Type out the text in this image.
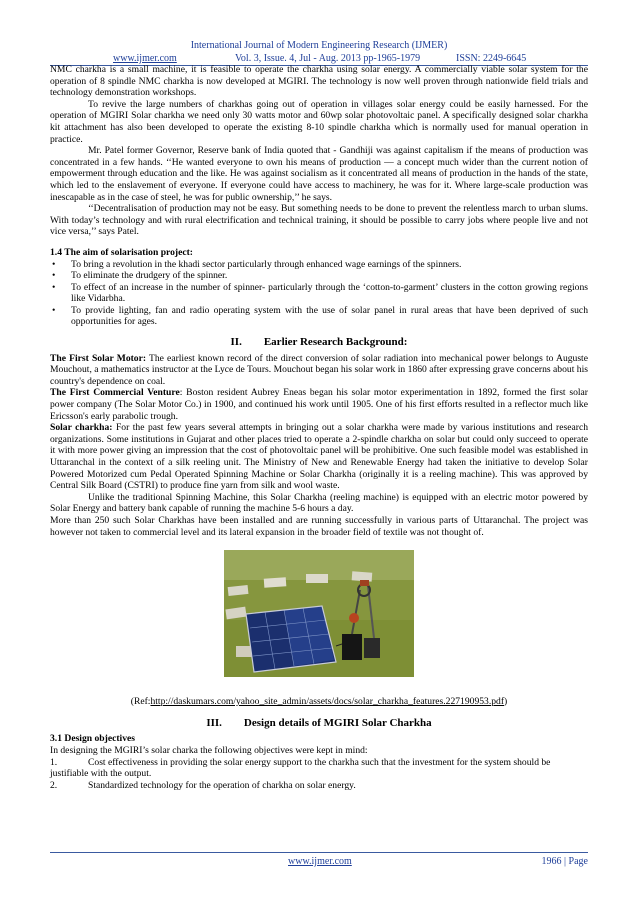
International Journal of Modern Engineering Research (IJMER)
www.ijmer.com	Vol. 3, Issue. 4, Jul - Aug. 2013 pp-1965-1979	ISSN: 2249-6645

NMC charkha is a small machine, it is feasible to operate the charkha using solar energy. A commercially viable solar system for the operation of 8 spindle NMC charkha is now developed at MGIRI. The technology is now well proven through nationwide field trials and technology demonstration workshops.

To revive the large numbers of charkhas going out of operation in villages solar energy could be easily harnessed. For the operation of MGIRI Solar charkha we need only 30 watts motor and 60wp solar photovoltaic panel. A specifically designed solar charkha kit attachment has also been developed to operate the existing 8-10 spindle charkha which is normally used for manual operation in practice.

Mr. Patel former Governor, Reserve bank of India quoted that - Gandhiji was against capitalism if the means of production was concentrated in a few hands. ‘‘He wanted everyone to own his means of production — a concept much wider than the current notion of empowerment through education and the like. He was against socialism as it concentrated all means of production in the hands of the state, which led to the enslavement of everyone. If everyone could have access to machinery, he was for it. Where large-scale production was inescapable as in the case of steel, he was for public ownership,’’ he says.

‘‘Decentralisation of production may not be easy. But something needs to be done to prevent the relentless march to urban slums. With today’s technology and with rural electrification and technical training, it should be possible to carry jobs where people live and not vice versa,’’ says Patel.

1.4 The aim of solarisation project:

• To bring a revolution in the khadi sector particularly through enhanced wage earnings of the spinners.
• To eliminate the drudgery of the spinner.
• To effect of an increase in the number of spinner- particularly through the ‘cotton-to-garment’ clusters in the cotton growing regions like Vidarbha.
• To provide lighting, fan and radio operating system with the use of solar panel in rural areas that have been deprived of such opportunities for ages.
II. Earlier Research Background:

The First Solar Motor: The earliest known record of the direct conversion of solar radiation into mechanical power belongs to Auguste Mouchout, a mathematics instructor at the Lyce de Tours. Mouchout began his solar work in 1860 after expressing grave concerns about his country's dependence on coal.

The First Commercial Venture: Boston resident Aubrey Eneas began his solar motor experimentation in 1892, formed the first solar power company (The Solar Motor Co.) in 1900, and continued his work until 1905. One of his first efforts resulted in a reflector much like Ericsson's early parabolic trough.

Solar charkha: For the past few years several attempts in bringing out a solar charkha were made by various institutions and research organizations. Some institutions in Gujarat and other places tried to operate a 2-spindle charkha on solar but could only succeed to operate it with more power giving an impression that the cost of photovoltaic panel will be prohibitive. One such feasible model was established in Uttaranchal in the context of a silk reeling unit. The Ministry of New and Renewable Energy had taken the initiative to develop Solar Powered Motorized cum Pedal Operated Spinning Machine or Solar Charkha (originally it is a reeling machine). This was approved by Central Silk Board (CSTRI) to produce fine yarn from silk and wool waste.

Unlike the traditional Spinning Machine, this Solar Charkha (reeling machine) is equipped with an electric motor powered by Solar Energy and battery bank capable of running the machine 5-6 hours a day.

More than 250 such Solar Charkhas have been installed and are running successfully in various parts of Uttaranchal. The project was however not taken to commercial level and its lateral expansion in the broader field of textile was not thought of.

(Ref:http://daskumars.com/yahoo_site_admin/assets/docs/solar_charkha_features.227190953.pdf)
III. Design details of MGIRI Solar Charkha

3.1 Design objectives

In designing the MGIRI’s solar charka the following objectives were kept in mind:

1.	Cost effectiveness in providing the solar energy support to the charkha such that the investment for the system should be justifiable with the output.

2.	Standardized technology for the operation of charkha on solar energy.

www.ijmer.com	1966 | Page
